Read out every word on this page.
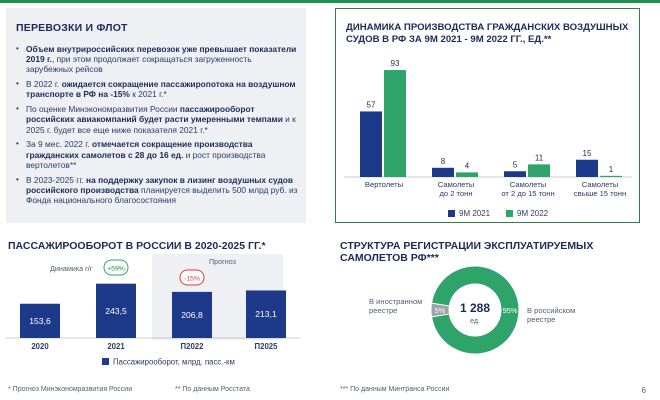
ПЕРЕВОЗКИ И ФЛОТ
• Объем внутрироссийских перевозок уже превышает показатели 2019 г., при этом продолжает сокращаться загруженность зарубежных рейсов
• В 2022 г. ожидается сокращение пассажиропотока на воздушном транспорте в РФ на -15% к 2021 г.*
• По оценке Минэкономразвития России пассажирооборот российских авиакомпаний будет расти умеренными темпами и к 2025 г. будет все еще ниже показателя 2021 г.*
• За 9 мес. 2022 г. отмечается сокращение производства гражданских самолетов с 28 до 16 ед. и рост производства вертолетов**
• В 2023-2025 гг. на поддержку закупок в лизинг воздушных судов российского производства планируется выделить 500 млрд руб. из Фонда национального благосостояния
ДИНАМИКА ПРОИЗВОДСТВА ГРАЖДАНСКИХ ВОЗДУШНЫХ СУДОВ В РФ ЗА 9М 2021 - 9М 2022 ГГ., ЕД.**
57
93
Вертолеты
8
4
Самолеты
до 2 тонн
5
11
Самолеты
от 2 до 15 тонн
15
1
Самолеты
свыше 15 тонн
9М 2021	9М 2022
ПАССАЖИРООБОРОТ В РОССИИ В 2020-2025 ГГ.*
153,6
2020
243,5
2021
206,8
П2022
213,1
П2025
Динамика г/г +59%
-15%
Прогноз
Пассажирооборот, млрд. пасс.-км
СТРУКТУРА РЕГИСТРАЦИИ ЭКСПЛУАТИРУЕМЫХ САМОЛЕТОВ РФ***
5%	95%
1 288
ед.
В иностранном
реестре	В российском
реестре
* Прогноз Минэкономразвития России	** По данным Росстата	*** По данным Минтранса России	6
